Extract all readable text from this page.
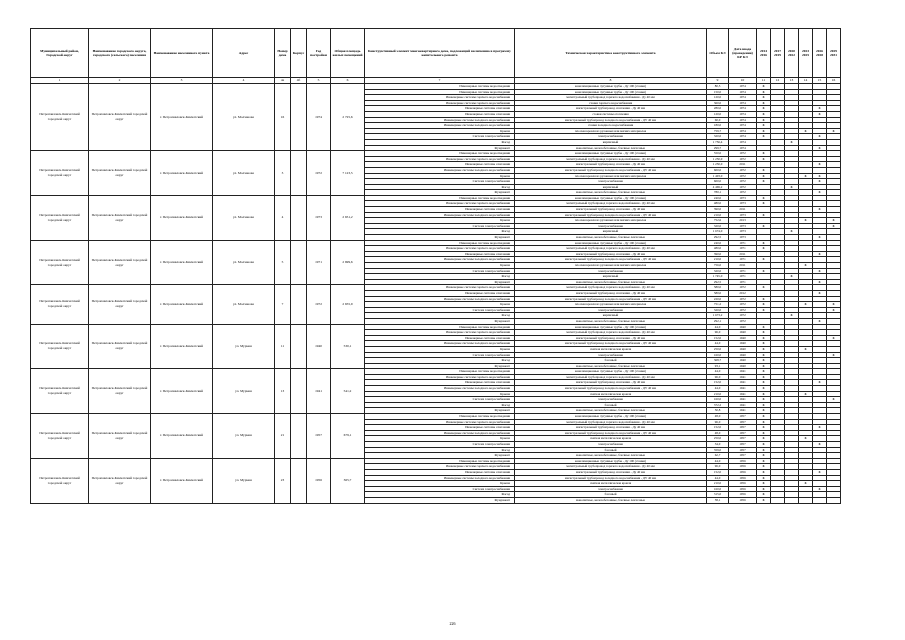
Муниципальный район, Городской округ	Наименование городского округа, городского (сельского) поселения	Наименование населенного пункта	Адрес	Номер дома	Корпус	Год постройки	Общая площадь жилых помещений	Конструктивный элемент многоквартирного дома, подлежащий включению в программу капитального ремонта	Техническая характеристика конструктивного элемента	Объем КЭ	Дата ввода (проведения) КР КЭ	2014 2016	2017 2019	2020 2022	2023 2025	2026 2028	2029 2031
1	2	3	4	4a	4б	5	6	7	8	9	10	11	12	13	14	15	16
Петропавловск-Камчатский городской округ	Петропавловск-Камчатский городской округ	г. Петропавловск-Камчатский	ул. Молчанова	16		1974	2 725,6	Инженерные системы водоотведения	канализационные чугунные трубы - Ду 100 (стояки)	80,5	1974	X					
								Инженерные системы водоотведения	канализационные чугунные трубы - Ду 100 (стояки)	150,0	1974	X					
								Инженерные системы горячего водоснабжения	магистральный трубопровод горячего водоснабжения - Ду 40 мм	120,0	1974	X					
								Инженерные системы горячего водоснабжения	стояки горячего водоснабжения	360,0	1974	X					
								Инженерные системы отопления	магистральный трубопровод отопления - Ду 40 мм	280,0	1974	X				X	
								Инженерные системы отопления	стояки системы отопления	120,0	1974	X				X	
								Инженерные системы холодного водоснабжения	магистральный трубопровод холодного водоснабжения - ДУ 40 мм	60,0	1974	X					
								Инженерные системы холодного водоснабжения	стояки холодного водоснабжения	180,0	1974	X					
								Крыша	плоская кровля из рулонных или мягких материалов	759,7	1974	X			X		X
								Система электроснабжения	электроснабжение	320,0	1974	X				X	
								Фасад	кирпичный	1 756,4	1974			X			
								Фундамент	монолитные, железобетонные, блочные ленточные	299,7	1974					X	
Петропавловск-Камчатский городской округ	Петропавловск-Камчатский городской округ	г. Петропавловск-Камчатский	ул. Молчанова	3		1972	7 123,5	Инженерные системы водоотведения	канализационные чугунные трубы - Ду 100 (стояки)	550,0	1972	X					
								Инженерные системы горячего водоснабжения	магистральный трубопровод горячего водоснабжения - Ду 40 мм	1 250,0	1972	X					
								Инженерные системы отопления	магистральный трубопровод отопления - Ду 40 мм	1 250,0	2011					X	
								Инженерные системы холодного водоснабжения	магистральный трубопровод холодного водоснабжения - ДУ 40 мм	600,0	1972	X					
								Крыша	плоская кровля из рулонных или мягких материалов	1 403,0	1972	X			X	X	
								Система электроснабжения	электроснабжение	600,0	1972	X				X	
								Фасад	кирпичный	4 469,2	1972			X			
								Фундамент	монолитные, железобетонные, блочные ленточные	780,1	1972					X	
Петропавловск-Камчатский городской округ	Петропавловск-Камчатский городской округ	г. Петропавловск-Камчатский	ул. Молчанова	4		1973	2 651,2	Инженерные системы водоотведения	канализационные чугунные трубы - Ду 100 (стояки)	240,0	1973	X					
								Инженерные системы горячего водоснабжения	магистральный трубопровод горячего водоснабжения - Ду 40 мм	480,0	1973	X					
								Инженерные системы отопления	магистральный трубопровод отопления - Ду 40 мм	390,0	2011					X	
								Инженерные системы холодного водоснабжения	магистральный трубопровод холодного водоснабжения - ДУ 40 мм	210,0	1973	X					
								Крыша	плоская кровля из рулонных или мягких материалов	752,6	2013				X		X
								Система электроснабжения	электроснабжение	320,0	1973	X					X
								Фасад	кирпичный	1 674,0	1973			X			
								Фундамент	монолитные, железобетонные, блочные ленточные	292,5	1973					X	
Петропавловск-Камчатский городской округ	Петропавловск-Камчатский городской округ	г. Петропавловск-Камчатский	ул. Молчанова	5		1971	2 699,6	Инженерные системы водоотведения	канализационные чугунные трубы - Ду 100 (стояки)	240,0	1971	X					
								Инженерные системы горячего водоснабжения	магистральный трубопровод горячего водоснабжения - Ду 40 мм	480,0	1971	X					
								Инженерные системы отопления	магистральный трубопровод отопления - Ду 40 мм	390,0	2011					X	
								Инженерные системы холодного водоснабжения	магистральный трубопровод холодного водоснабжения - ДУ 40 мм	210,0	1971	X					
								Крыша	плоская кровля из рулонных или мягких материалов	756,0	2011				X		
								Система электроснабжения	электроснабжение	320,0	1971	X				X	
								Фасад	кирпичный	1 745,0	1971			X			
								Фундамент	монолитные, железобетонные, блочные ленточные	292,5	1971					X	
Петропавловск-Камчатский городской округ	Петропавловск-Камчатский городской округ	г. Петропавловск-Камчатский	ул. Молчанова	7		1972	2 655,9	Инженерные системы горячего водоснабжения	магистральный трубопровод горячего водоснабжения - Ду 40 мм	580,0	1972	X					
								Инженерные системы отопления	магистральный трубопровод отопления - Ду 40 мм	580,0	2012					X	
								Инженерные системы холодного водоснабжения	магистральный трубопровод холодного водоснабжения - ДУ 40 мм	220,0	1972	X					
								Крыша	плоская кровля из рулонных или мягких материалов	751,2	1972	X			X		X
								Система электроснабжения	электроснабжение	320,0	1972	X					X
								Фасад	кирпичный	1 673,2	1972			X			
								Фундамент	монолитные, железобетонные, блочные ленточные	292,1	1972					X	
Петропавловск-Камчатский городской округ	Петропавловск-Камчатский городской округ	г. Петропавловск-Камчатский	ул. Мурман	11		1940	530,1	Инженерные системы водоотведения	канализационные чугунные трубы - Ду 100 (стояки)	44,0	1940	X					
								Инженерные системы горячего водоснабжения	магистральный трубопровод горячего водоснабжения - Ду 40 мм	96,0	1940	X					
								Инженерные системы отопления	магистральный трубопровод отопления - Ду 40 мм	152,0	1940	X					X
								Инженерные системы холодного водоснабжения	магистральный трубопровод холодного водоснабжения - ДУ 40 мм	44,0	1940	X					
								Крыша	скатная металлическая кровля	250,0	1940	X			X		
								Система электроснабжения	электроснабжение	160,0	1940	X					X
								Фасад	блочный	368,7	1940	X					
								Фундамент	монолитные, железобетонные, блочные ленточные	93,1	1940	X					
Петропавловск-Камчатский городской округ	Петропавловск-Камчатский городской округ	г. Петропавловск-Камчатский	ул. Мурман	13		1941	541,2	Инженерные системы водоотведения	канализационные чугунные трубы - Ду 100 (стояки)	44,0	1941	X					
								Инженерные системы горячего водоснабжения	магистральный трубопровод горячего водоснабжения - Ду 40 мм	96,0	1941	X					
								Инженерные системы отопления	магистральный трубопровод отопления - Ду 40 мм	152,0	1941	X				X	
								Инженерные системы холодного водоснабжения	магистральный трубопровод холодного водоснабжения - ДУ 40 мм	44,0	1941	X					
								Крыша	скатная металлическая кровля	210,0	1941	X			X		
								Система электроснабжения	электроснабжение	160,0	1941	X					X
								Фасад	блочный	372,2	1941	X					
								Фундамент	монолитные, железобетонные, блочные ленточные	50,8	1941	X					
Петропавловск-Камчатский городской округ	Петропавловск-Камчатский городской округ	г. Петропавловск-Камчатский	ул. Мурман	21		1957	679,1	Инженерные системы водоотведения	канализационные чугунные трубы - Ду 100 (стояки)	48,0	1957	X					
								Инженерные системы горячего водоснабжения	магистральный трубопровод горячего водоснабжения - Ду 40 мм	96,0	1957	X					
								Инженерные системы отопления	магистральный трубопровод отопления - Ду 40 мм	152,0	1957	X				X	
								Инженерные системы холодного водоснабжения	магистральный трубопровод холодного водоснабжения - ДУ 40 мм	48,0	1957	X					
								Крыша	скатная металлическая кровля	250,0	1957	X			X		
								Система электроснабжения	электроснабжение	34,0	1957	X				X	
								Фасад	блочный	359,0	1957	X					
								Фундамент	монолитные, железобетонные, блочные ленточные	62,7	1957	X					
Петропавловск-Камчатский городской округ	Петропавловск-Камчатский городской округ	г. Петропавловск-Камчатский	ул. Мурман	23		1956	365,7	Инженерные системы водоотведения	канализационные чугунные трубы - Ду 100 (стояки)	44,0	1956	X					
								Инженерные системы горячего водоснабжения	магистральный трубопровод горячего водоснабжения - Ду 40 мм	96,0	1956	X					
								Инженерные системы отопления	магистральный трубопровод отопления - Ду 40 мм	152,0	1956	X				X	
								Инженерные системы холодного водоснабжения	магистральный трубопровод холодного водоснабжения - ДУ 40 мм	44,0	1956	X					
								Крыша	скатная металлическая кровля	210,0	1956	X			X		
								Система электроснабжения	электроснабжение	160,0	1956	X				X	
								Фасад	блочный	315,0	1956	X					
								Фундамент	монолитные, железобетонные, блочные ленточные	58,1	1956	X					
226
